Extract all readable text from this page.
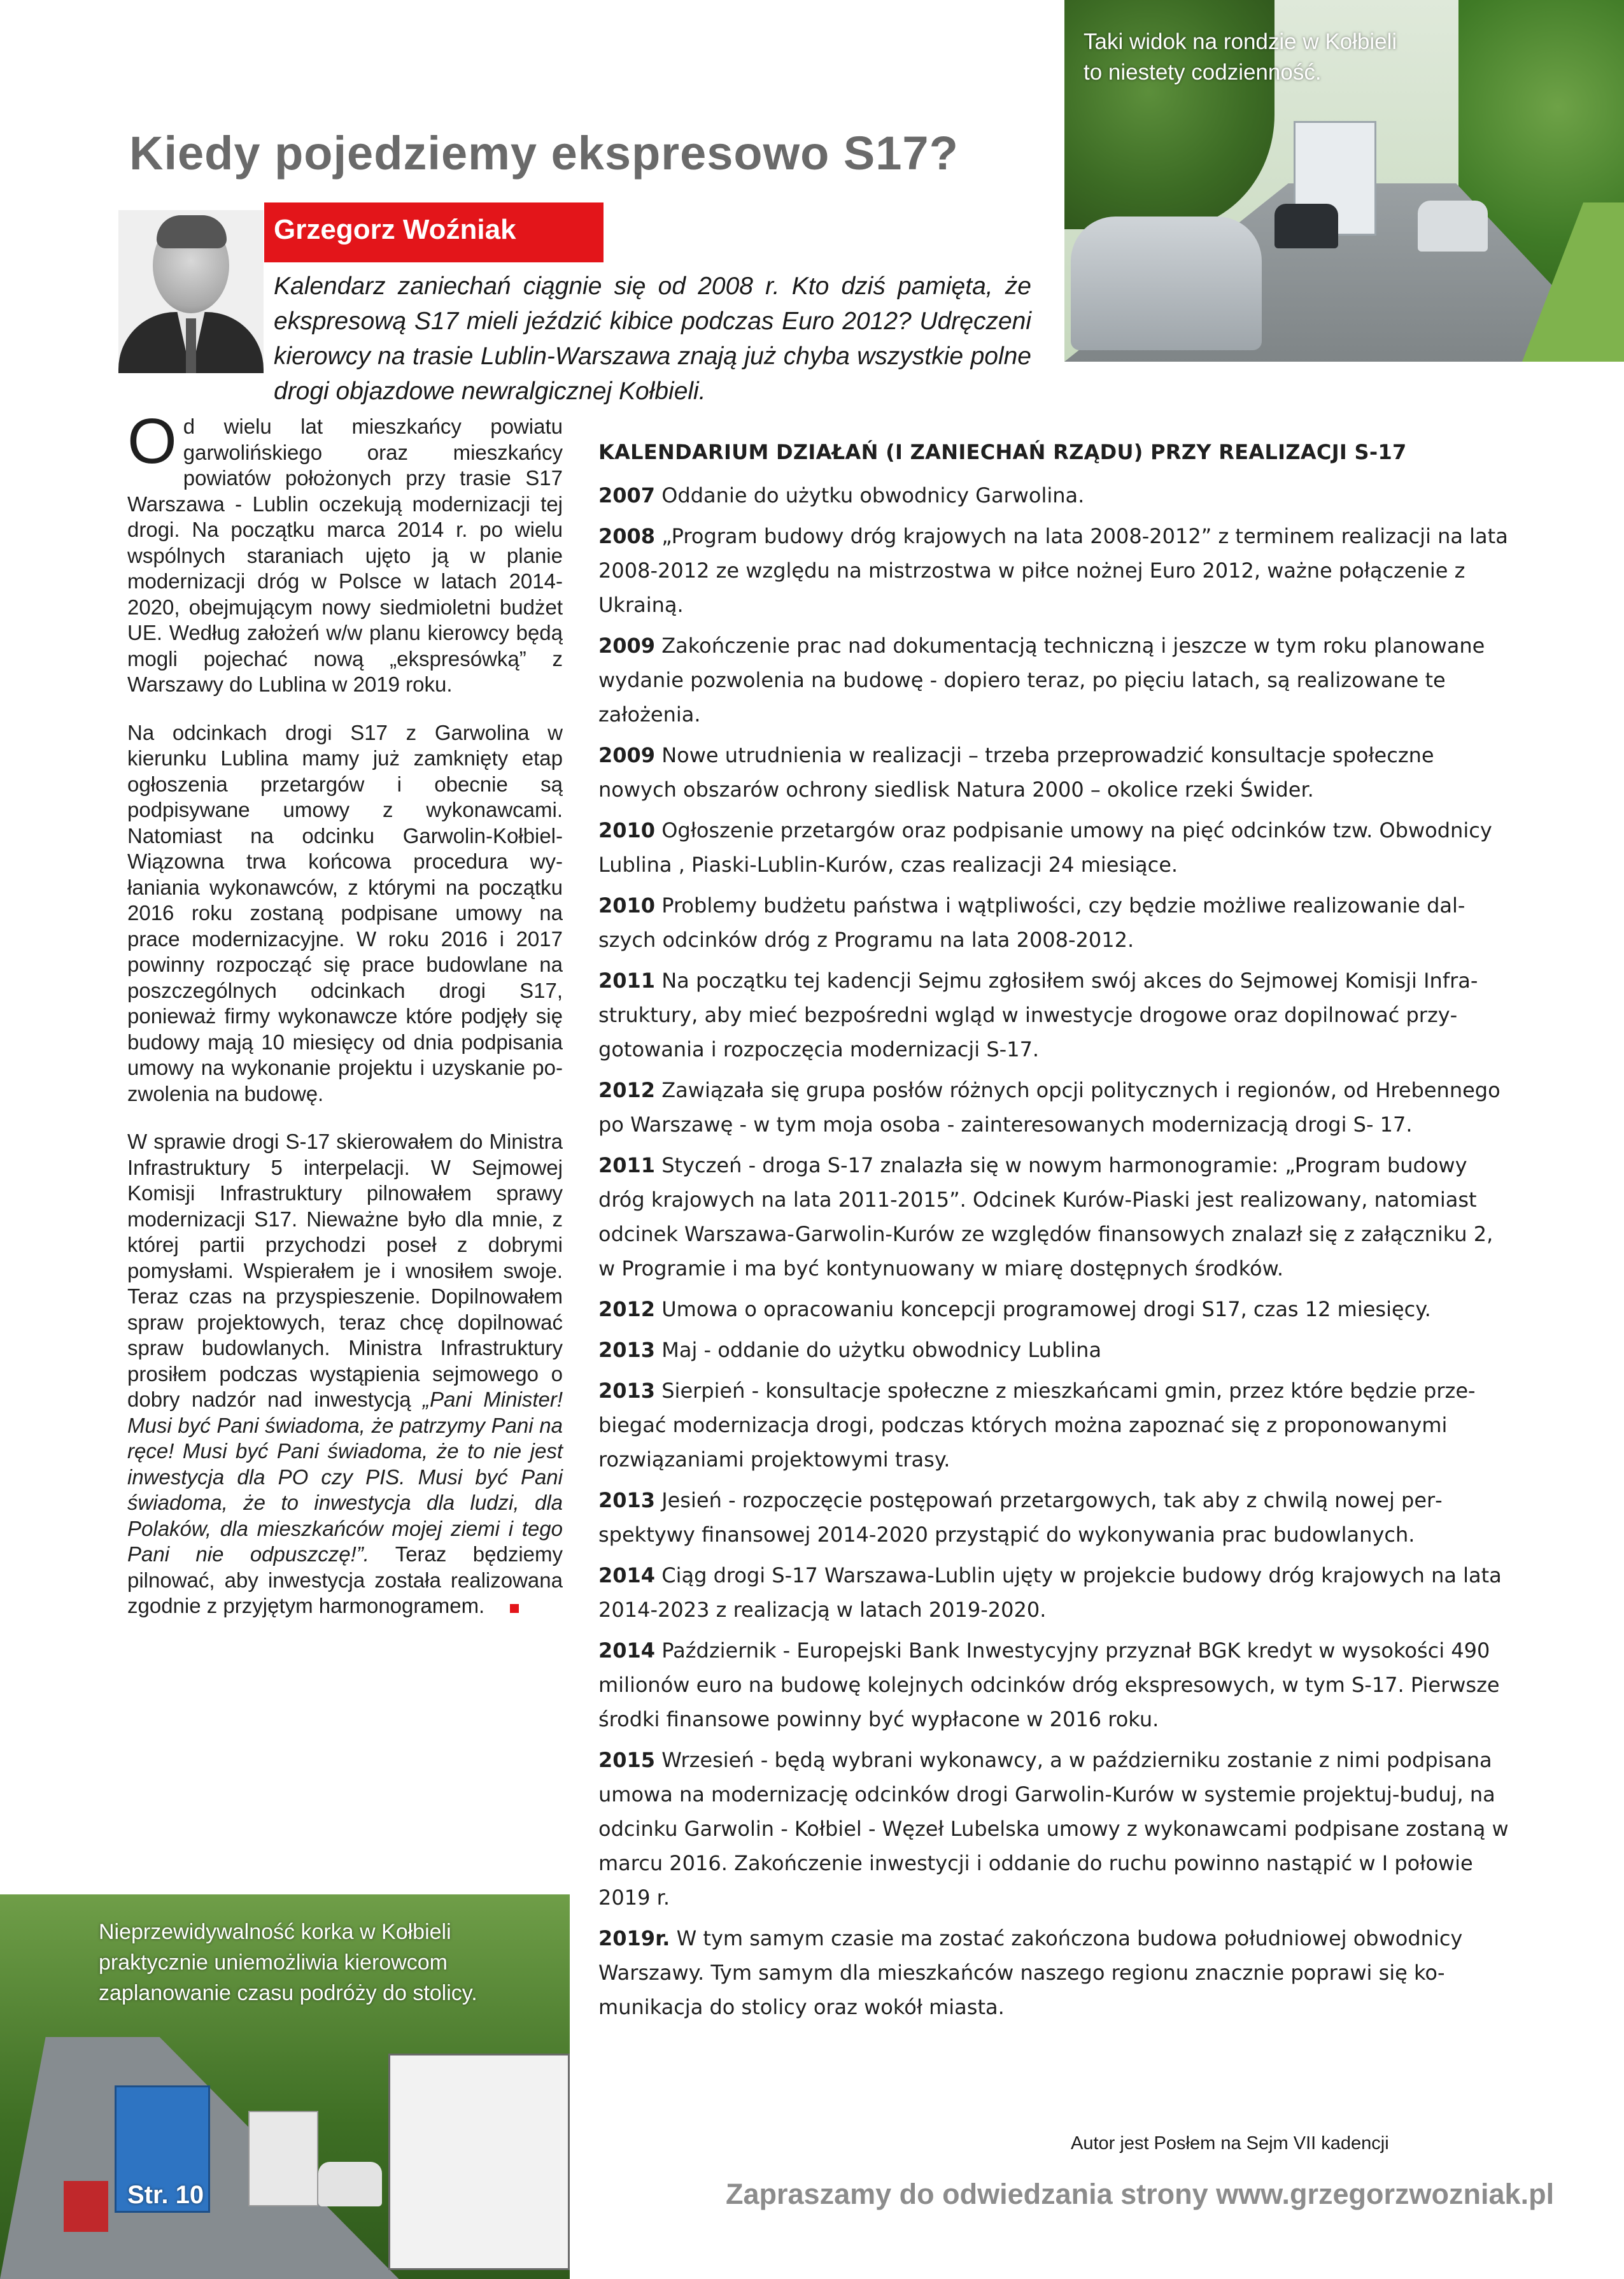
Taki widok na rondzie w Kołbieli
to niestety codzienność.
Kiedy pojedziemy ekspresowo S17?
Grzegorz Woźniak

Kalendarz zaniechań ciągnie się od 2008 r. Kto dziś pamięta, że ekspresową S17 mieli jeździć kibice podczas Euro 2012? Udręczeni kierowcy na trasie Lublin-Warszawa znają już chyba wszystkie polne drogi objazdowe newralgicznej Kołbieli.

Od wielu lat mieszkańcy powiatu garwolińskiego oraz mieszkańcy powiatów położonych przy trasie S17 Warszawa - Lublin oczekują modernizacji tej drogi. Na początku marca 2014 r. po wielu wspólnych staraniach ujęto ją w planie modernizacji dróg w Polsce w latach 2014-2020, obejmującym nowy siedmioletni budżet UE. Według założeń w/w planu kierowcy będą mogli pojechać nową „ekspresówką” z Warszawy do Lublina w 2019 roku.

Na odcinkach drogi S17 z Garwolina w kierunku Lublina mamy już zamknięty etap ogłoszenia przetargów i obecnie są podpisywane umowy z wykonawcami. Natomiast na odcinku Garwolin-Kołbiel-Wiązowna trwa końcowa procedura wyłaniania wykonawców, z którymi na początku 2016 roku zostaną podpisane umowy na prace modernizacyjne. W roku 2016 i 2017 powinny rozpocząć się prace budowlane na poszczególnych odcinkach drogi S17, ponieważ firmy wykonawcze które podjęły się budowy mają 10 miesięcy od dnia podpisania umowy na wykonanie projektu i uzyskanie pozwolenia na budowę.

W sprawie drogi S-17 skierowałem do Ministra Infrastruktury 5 interpelacji. W Sejmowej Komisji Infrastruktury pilnowałem sprawy modernizacji S17. Nieważne było dla mnie, z której partii przychodzi poseł z dobrymi pomysłami. Wspierałem je i wnosiłem swoje. Teraz czas na przyspieszenie. Dopilnowałem spraw projektowych, teraz chcę dopilnować spraw budowlanych. Ministra Infrastruktury prosiłem podczas wystąpienia sejmowego o dobry nadzór nad inwestycją „Pani Minister! Musi być Pani świadoma, że patrzymy Pani na ręce! Musi być Pani świadoma, że to nie jest inwestycja dla PO czy PIS. Musi być Pani świadoma, że to inwestycja dla ludzi, dla Polaków, dla mieszkańców mojej ziemi i tego Pani nie odpuszczę!”. Teraz będziemy pilnować, aby inwestycja została realizowana zgodnie z przyjętym harmonogramem.

Nieprzewidywalność korka w Kołbieli
praktycznie uniemożliwia kierowcom
zaplanowanie czasu podróży do stolicy.
Str. 10
KALENDARIUM DZIAŁAŃ (I ZANIECHAŃ RZĄDU) PRZY REALIZACJI S-17

2007 Oddanie do użytku obwodnicy Garwolina.

2008 „Program budowy dróg krajowych na lata 2008-2012” z terminem realizacji na lata 2008-2012 ze względu na mistrzostwa w piłce nożnej Euro 2012, ważne połączenie z Ukrainą.

2009 Zakończenie prac nad dokumentacją techniczną i jeszcze w tym roku planowane wydanie pozwolenia na budowę - dopiero teraz, po pięciu latach, są realizowane te założenia.

2009 Nowe utrudnienia w realizacji – trzeba przeprowadzić konsultacje społeczne nowych obszarów ochrony siedlisk Natura 2000 – okolice rzeki Świder.

2010 Ogłoszenie przetargów oraz podpisanie umowy na pięć odcinków tzw. Obwodnicy Lublina , Piaski-Lublin-Kurów, czas realizacji 24 miesiące.

2010 Problemy budżetu państwa i wątpliwości, czy będzie możliwe realizowanie dalszych odcinków dróg z Programu na lata 2008-2012.

2011 Na początku tej kadencji Sejmu zgłosiłem swój akces do Sejmowej Komisji Infrastruktury, aby mieć bezpośredni wgląd w inwestycje drogowe oraz dopilnować przygotowania i rozpoczęcia modernizacji S-17.

2012 Zawiązała się grupa posłów różnych opcji politycznych i regionów, od Hrebennego po Warszawę - w tym moja osoba - zainteresowanych modernizacją drogi S- 17.

2011 Styczeń - droga S-17 znalazła się w nowym harmonogramie: „Program budowy dróg krajowych na lata 2011-2015”. Odcinek Kurów-Piaski jest realizowany, natomiast odcinek Warszawa-Garwolin-Kurów ze względów finansowych znalazł się z załączniku 2, w Programie i ma być kontynuowany w miarę dostępnych środków.

2012 Umowa o opracowaniu koncepcji programowej drogi S17, czas 12 miesięcy.

2013 Maj - oddanie do użytku obwodnicy Lublina

2013 Sierpień - konsultacje społeczne z mieszkańcami gmin, przez które będzie przebiegać modernizacja drogi, podczas których można zapoznać się z proponowanymi rozwiązaniami projektowymi trasy.

2013 Jesień - rozpoczęcie postępowań przetargowych, tak aby z chwilą nowej perspektywy finansowej 2014-2020 przystąpić do wykonywania prac budowlanych.

2014 Ciąg drogi S-17 Warszawa-Lublin ujęty w projekcie budowy dróg krajowych na lata 2014-2023 z realizacją w latach 2019-2020.

2014 Październik - Europejski Bank Inwestycyjny przyznał BGK kredyt w wysokości 490 milionów euro na budowę kolejnych odcinków dróg ekspresowych, w tym S-17. Pierwsze środki finansowe powinny być wypłacone w 2016 roku.

2015 Wrzesień - będą wybrani wykonawcy, a w październiku zostanie z nimi podpisana umowa na modernizację odcinków drogi Garwolin-Kurów w systemie projektuj-buduj, na odcinku Garwolin - Kołbiel - Węzeł Lubelska umowy z wykonawcami podpisane zostaną w marcu 2016. Zakończenie inwestycji i oddanie do ruchu powinno nastąpić w I połowie 2019 r.

2019r. W tym samym czasie ma zostać zakończona budowa południowej obwodnicy Warszawy. Tym samym dla mieszkańców naszego regionu znacznie poprawi się komunikacja do stolicy oraz wokół miasta.

Autor jest Posłem na Sejm VII kadencji
Zapraszamy do odwiedzania strony www.grzegorzwozniak.pl
